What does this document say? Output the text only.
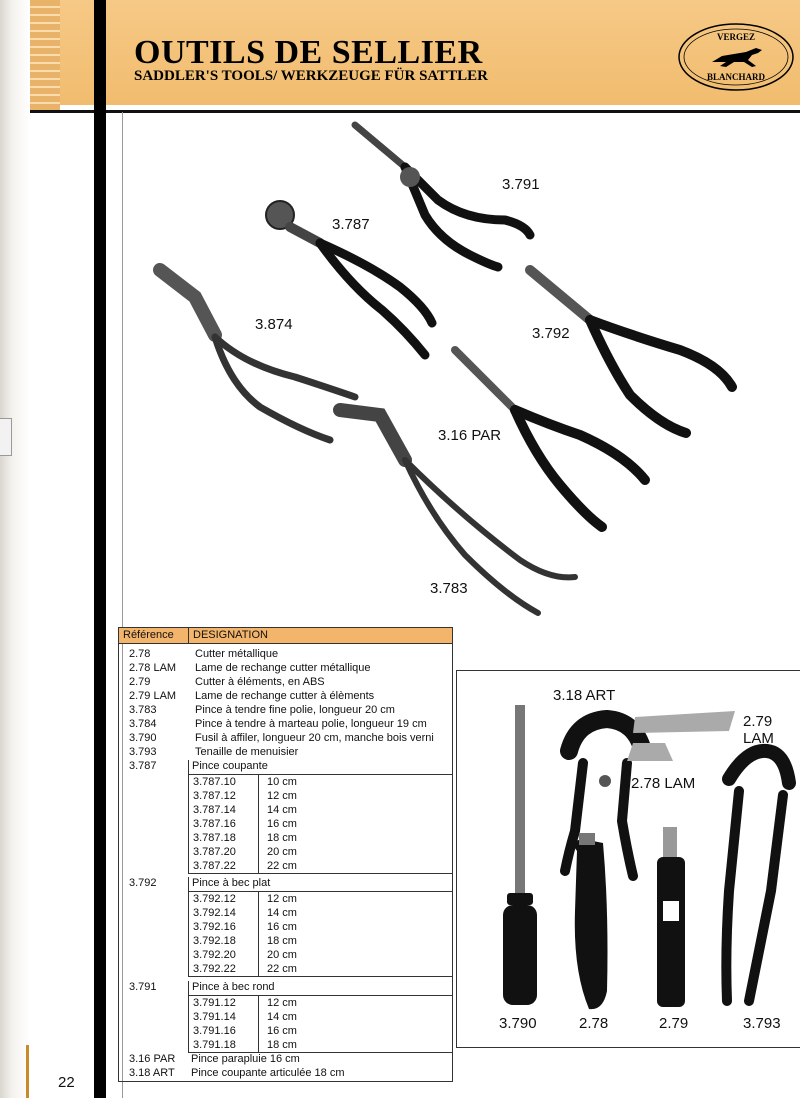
OUTILS DE SELLIER
SADDLER'S TOOLS/ WERKZEUGE FÜR SATTLER
VERGEZ
BLANCHARD
22
3.791
3.787
3.874
3.792
3.16 PAR
3.783
Référence DESIGNATION
2.78	Cutter métallique
2.78 LAM Lame de rechange cutter métallique
2.79	Cutter à éléments, en ABS
2.79 LAM Lame de rechange cutter à élèments
3.783	Pince à tendre fine polie, longueur 20 cm
3.784	Pince à tendre à marteau polie, longueur 19 cm
3.790	Fusil à affiler, longueur 20 cm, manche bois verni
3.793	Tenaille de menuisier
3.787	Pince coupante
3.787.10	10 cm
3.787.12	12 cm
3.787.14	14 cm
3.787.16	16 cm
3.787.18	18 cm
3.787.20	20 cm
3.787.22	22 cm
3.792	Pince à bec plat
3.792.12	12 cm
3.792.14	14 cm
3.792.16	16 cm
3.792.18	18 cm
3.792.20	20 cm
3.792.22	22 cm
3.791	Pince à bec rond
3.791.12	12 cm
3.791.14	14 cm
3.791.16	16 cm
3.791.18	18 cm
3.16 PAR Pince parapluie 16 cm
3.18 ART Pince coupante articulée 18 cm
3.18 ART
2.79 LAM
2.78 LAM
3.790	2.78	2.79	3.793
